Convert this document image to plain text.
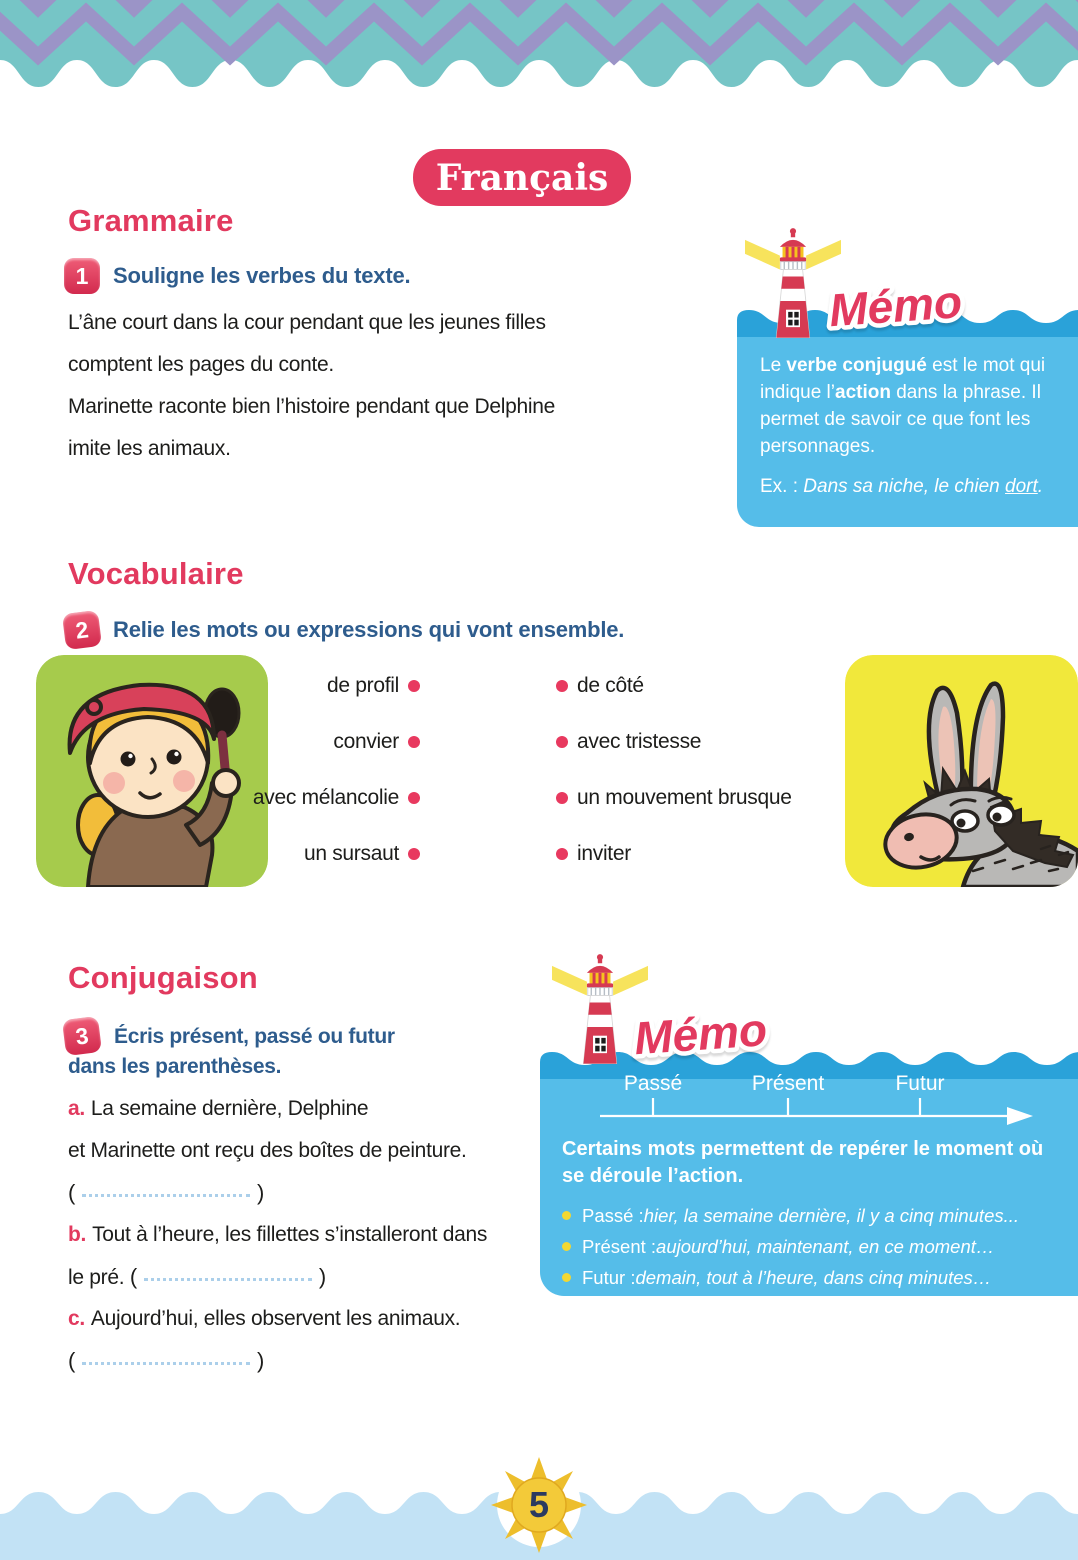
Français
Grammaire
1	Souligne les verbes du texte.
L’âne court dans la cour pendant que les jeunes filles
comptent les pages du conte.
Marinette raconte bien l’histoire pendant que Delphine
imite les animaux.
Mémo
Le verbe conjugué est le mot qui indique l’action dans la phrase. Il permet de savoir ce que font les personnages.
Ex. : Dans sa niche, le chien dort.
Vocabulaire
2	Relie les mots ou expressions qui vont ensemble.
de profil	de côté
convier	avec tristesse
avec mélancolie	un mouvement brusque
un sursaut	inviter
Conjugaison
3	Écris présent, passé ou futur
dans les parenthèses.
a. La semaine dernière, Delphine
et Marinette ont reçu des boîtes de peinture.
(	)
b. Tout à l’heure, les fillettes s’installeront dans
le pré. (	)
c. Aujourd’hui, elles observent les animaux.
(	)
Mémo
Passé	Présent	Futur
Certains mots permettent de repérer le moment où se déroule l’action.
Passé : hier, la semaine dernière, il y a cinq minutes...
Présent : aujourd’hui, maintenant, en ce moment…
Futur : demain, tout à l’heure, dans cinq minutes…
5
